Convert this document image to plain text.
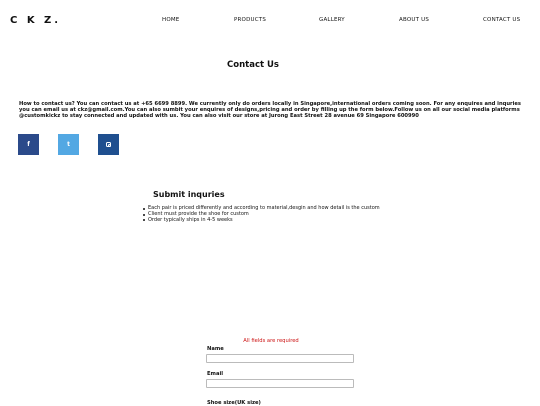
C K Z.	HOME	PRODUCTS	GALLERY	ABOUT US	CONTACT US
Contact Us
How to contact us? You can contact us at +65 6699 8899. We currently only do orders locally in Singapore,international orders coming soon. For any enquires and inquries you can email us at ckz@gmail.com.You can also sumbit your enquires of designs,pricing and order by filling up the form below.Follow us on all our social media platforms @customkickz to stay connected and updated with us. You can also visit our store at Jurong East Street 28 avenue 69 Singapore 600990
f	t
Submit inquries
Each pair is priced differently and according to material,desgin and how detail is the custom
Client must provide the shoe for custom
Order typically ships in 4-5 weeks
All fields are required
Name
Email
Shoe size(UK size)
